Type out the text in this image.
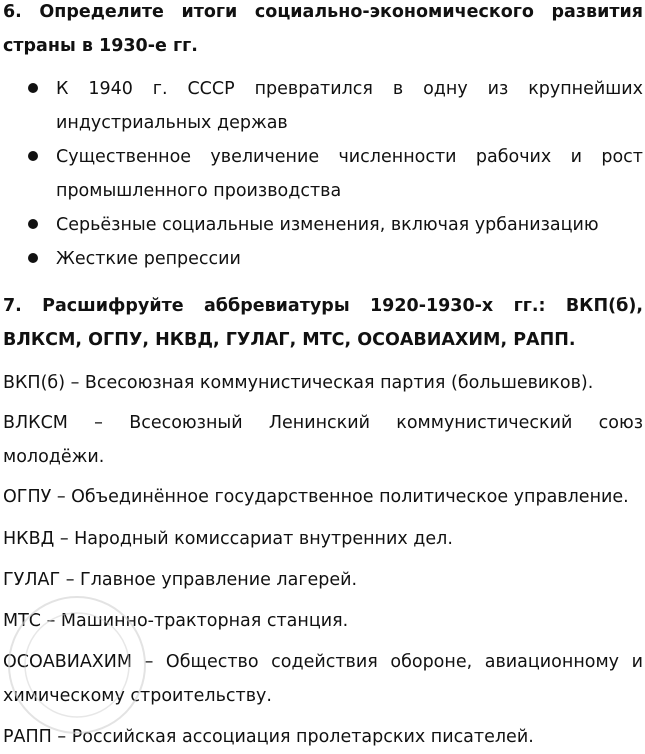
6. Определите итоги социально-экономического развития страны в 1930-е гг.
К 1940 г. СССР превратился в одну из крупнейших индустриальных держав
Существенное увеличение численности рабочих и рост промышленного производства
Серьёзные социальные изменения, включая урбанизацию
Жесткие репрессии
7. Расшифруйте аббревиатуры 1920-1930-х гг.: ВКП(б), ВЛКСМ, ОГПУ, НКВД, ГУЛАГ, МТС, ОСОАВИАХИМ, РАПП.
ВКП(б) – Всесоюзная коммунистическая партия (большевиков).
ВЛКСМ – Всесоюзный Ленинский коммунистический союз молодёжи.
ОГПУ – Объединённое государственное политическое управление.
НКВД – Народный комиссариат внутренних дел.
ГУЛАГ – Главное управление лагерей.
МТС – Машинно-тракторная станция.
ОСОАВИАХИМ – Общество содействия обороне, авиационному и химическому строительству.
РАПП – Российская ассоциация пролетарских писателей.
